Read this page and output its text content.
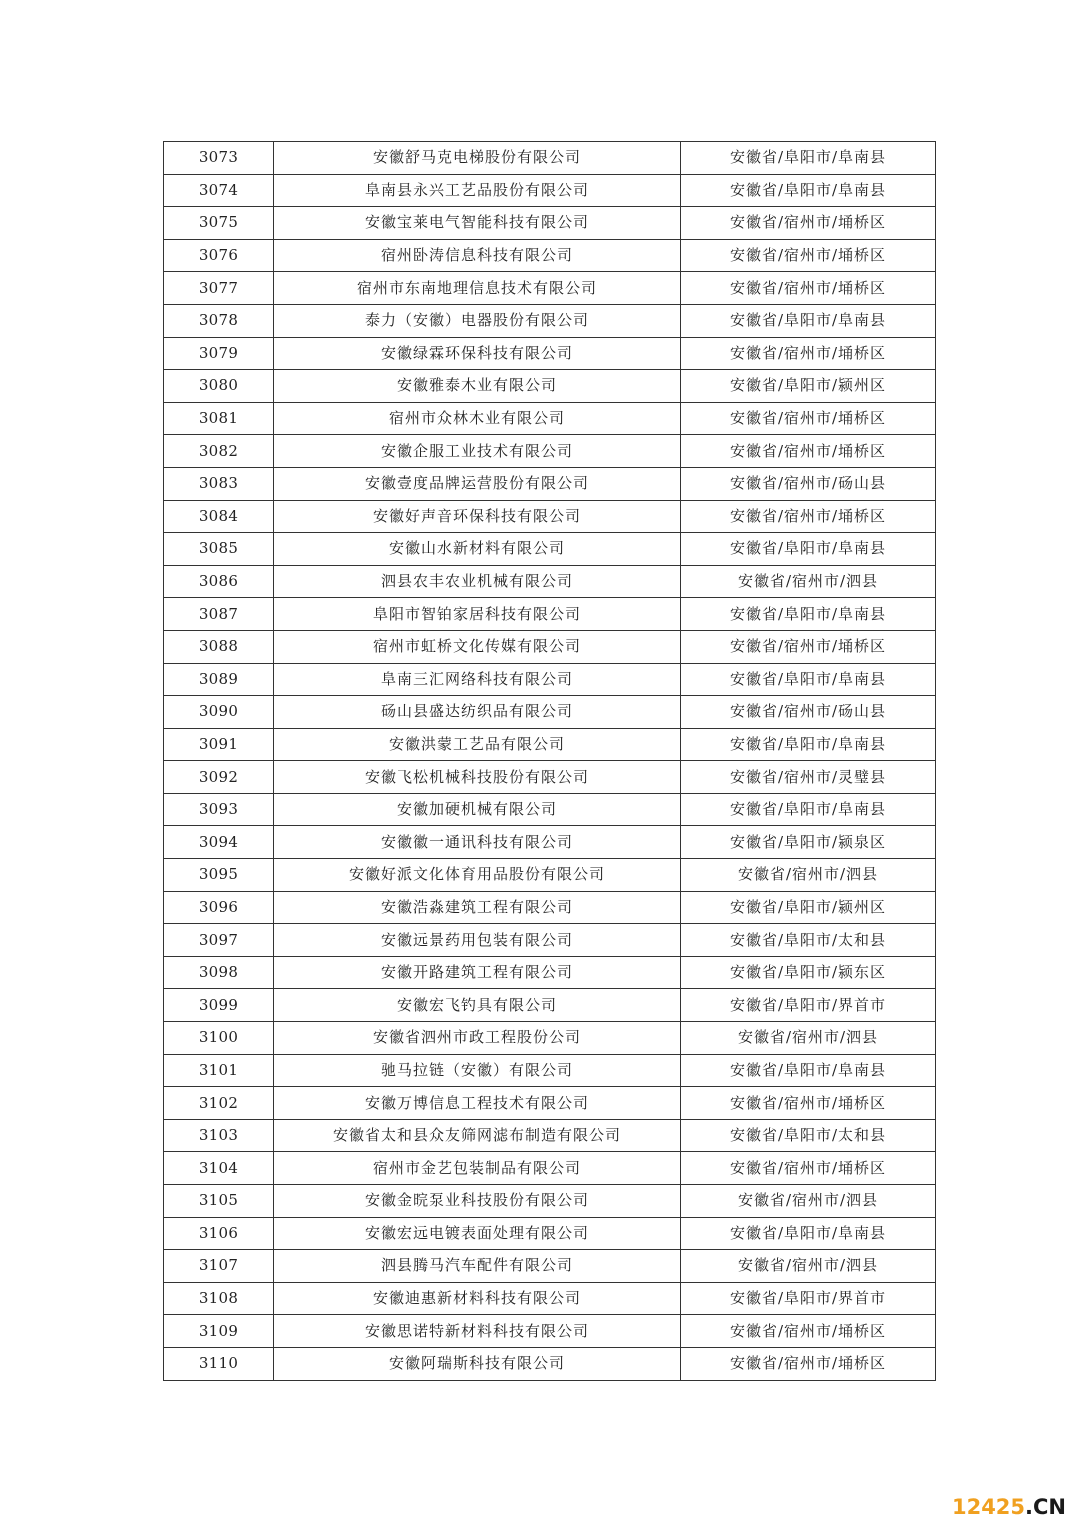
3073	安徽舒马克电梯股份有限公司	安徽省/阜阳市/阜南县
3074	阜南县永兴工艺品股份有限公司	安徽省/阜阳市/阜南县
3075	安徽宝莱电气智能科技有限公司	安徽省/宿州市/埇桥区
3076	宿州卧涛信息科技有限公司	安徽省/宿州市/埇桥区
3077	宿州市东南地理信息技术有限公司	安徽省/宿州市/埇桥区
3078	泰力（安徽）电器股份有限公司	安徽省/阜阳市/阜南县
3079	安徽绿霖环保科技有限公司	安徽省/宿州市/埇桥区
3080	安徽雅泰木业有限公司	安徽省/阜阳市/颍州区
3081	宿州市众林木业有限公司	安徽省/宿州市/埇桥区
3082	安徽企服工业技术有限公司	安徽省/宿州市/埇桥区
3083	安徽壹度品牌运营股份有限公司	安徽省/宿州市/砀山县
3084	安徽好声音环保科技有限公司	安徽省/宿州市/埇桥区
3085	安徽山水新材料有限公司	安徽省/阜阳市/阜南县
3086	泗县农丰农业机械有限公司	安徽省/宿州市/泗县
3087	阜阳市智铂家居科技有限公司	安徽省/阜阳市/阜南县
3088	宿州市虹桥文化传媒有限公司	安徽省/宿州市/埇桥区
3089	阜南三汇网络科技有限公司	安徽省/阜阳市/阜南县
3090	砀山县盛达纺织品有限公司	安徽省/宿州市/砀山县
3091	安徽洪蒙工艺品有限公司	安徽省/阜阳市/阜南县
3092	安徽飞松机械科技股份有限公司	安徽省/宿州市/灵璧县
3093	安徽加硬机械有限公司	安徽省/阜阳市/阜南县
3094	安徽徽一通讯科技有限公司	安徽省/阜阳市/颍泉区
3095	安徽好派文化体育用品股份有限公司	安徽省/宿州市/泗县
3096	安徽浩淼建筑工程有限公司	安徽省/阜阳市/颍州区
3097	安徽远景药用包装有限公司	安徽省/阜阳市/太和县
3098	安徽开路建筑工程有限公司	安徽省/阜阳市/颍东区
3099	安徽宏飞钓具有限公司	安徽省/阜阳市/界首市
3100	安徽省泗州市政工程股份公司	安徽省/宿州市/泗县
3101	驰马拉链（安徽）有限公司	安徽省/阜阳市/阜南县
3102	安徽万博信息工程技术有限公司	安徽省/宿州市/埇桥区
3103	安徽省太和县众友筛网滤布制造有限公司	安徽省/阜阳市/太和县
3104	宿州市金艺包装制品有限公司	安徽省/宿州市/埇桥区
3105	安徽金晥泵业科技股份有限公司	安徽省/宿州市/泗县
3106	安徽宏远电镀表面处理有限公司	安徽省/阜阳市/阜南县
3107	泗县腾马汽车配件有限公司	安徽省/宿州市/泗县
3108	安徽迪惠新材料科技有限公司	安徽省/阜阳市/界首市
3109	安徽思诺特新材料科技有限公司	安徽省/宿州市/埇桥区
3110	安徽阿瑞斯科技有限公司	安徽省/宿州市/埇桥区
12425.CN
